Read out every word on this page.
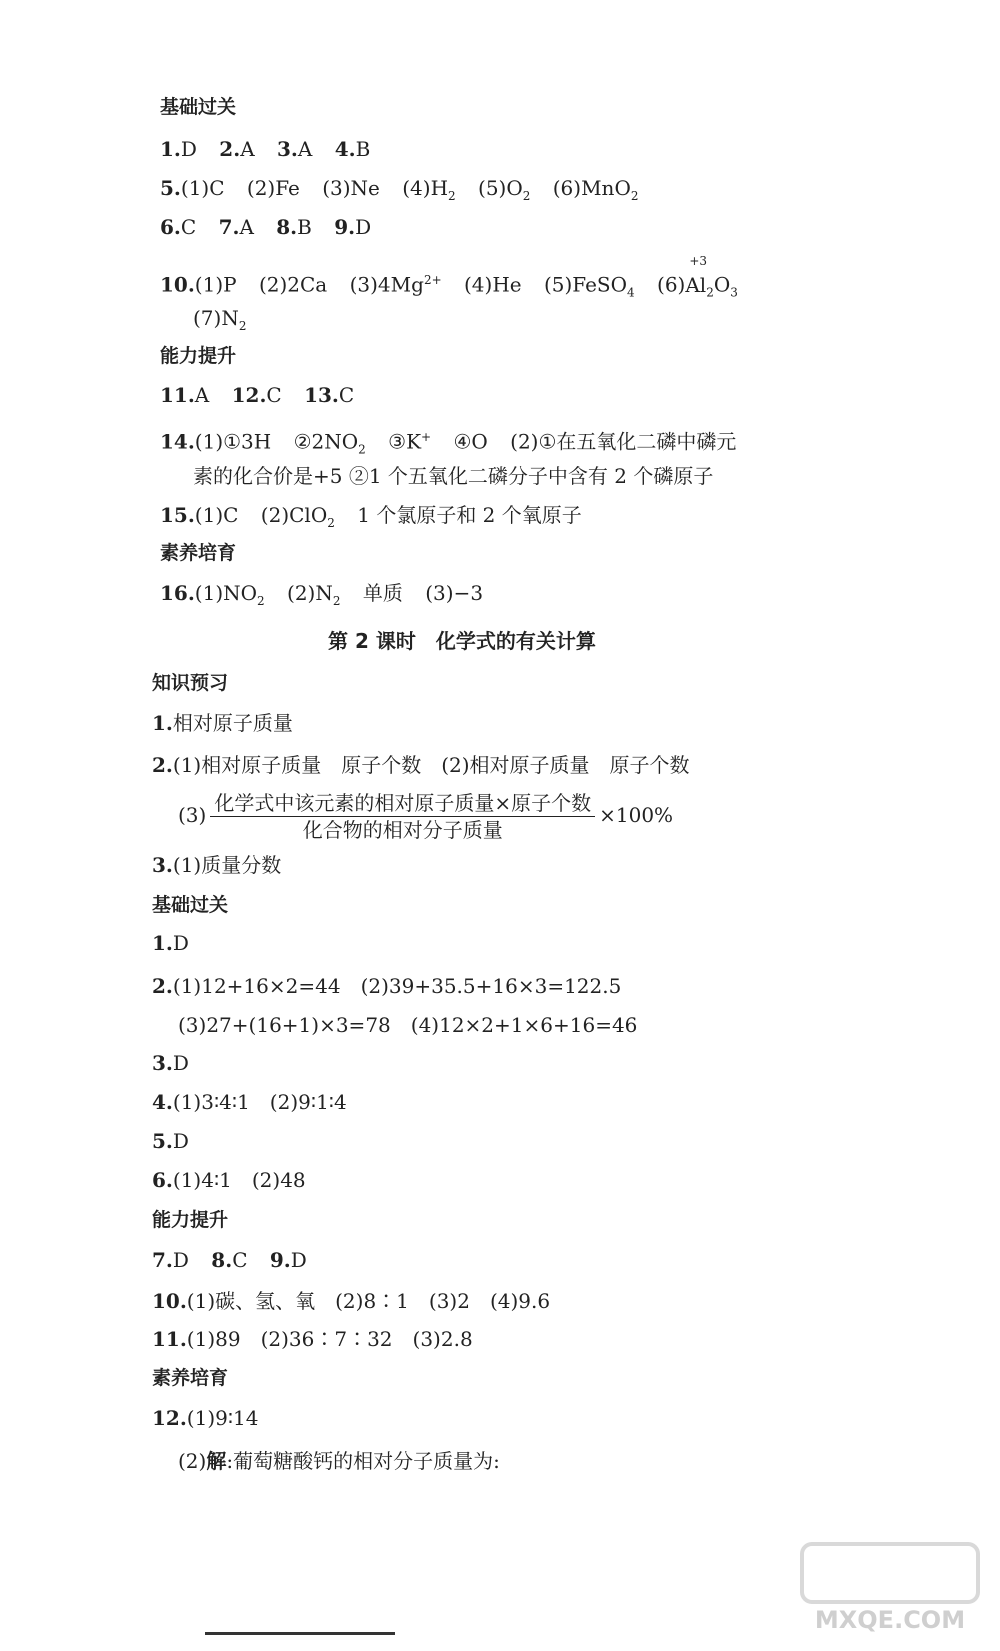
基础过关
1.D 2.A 3.A 4.B
5.(1)C (2)Fe (3)Ne $(4)H_2$ $(5)O_2$ (6)MnO$_2$
6.C 7.A 8.B 9.D
10.(1)P (2)2Ca $(3)4Mg^{2+}$ (4)He (5)FeSO$_4$ (6)
+3
$Al_2O_3$
$(7)N_2$
能力提升
11.A 12.C 13.C
14.(1)①3H $②2NO_2$ ③K+ ④O (2)①在五氧化二磷中磷元
素的化合价是+5 ②1 个五氧化二磷分子中含有 2 个磷原子
15.(1)C (2)ClO$_2$ 1 个氯原子和 2 个氧原子
素养培育
$16.(1)NO_2$ $(2)N_2$ 单质 (3)−3
第 2 课时　化学式的有关计算
知识预习
1.相对原子质量
2.(1)相对原子质量　原子个数　(2)相对原子质量　原子个数
$(3) \frac{\text{化学式中该元素的相对原子质量×原子个数}}{\text{化合物的相对分子质量}} \times 100\%$
3.(1)质量分数
基础过关
1.D
2.(1)12+16×2=44　(2)39+35.5+16×3=122.5
(3)27+(16+1)×3=78　(4)12×2+1×6+16=46
3.D
4.(1)3∶4∶1　(2)9∶1∶4
5.D
6.(1)4∶1　(2)48
能力提升
7.D 8.C 9.D
10.(1)碳、氢、氧　(2)8∶1　(3)2　(4)9.6
11.(1)89　(2)36∶7∶32　(3)2.8
素养培育
12.(1)9∶14
(2)解:葡萄糖酸钙的相对分子质量为:
MXQE.COM
